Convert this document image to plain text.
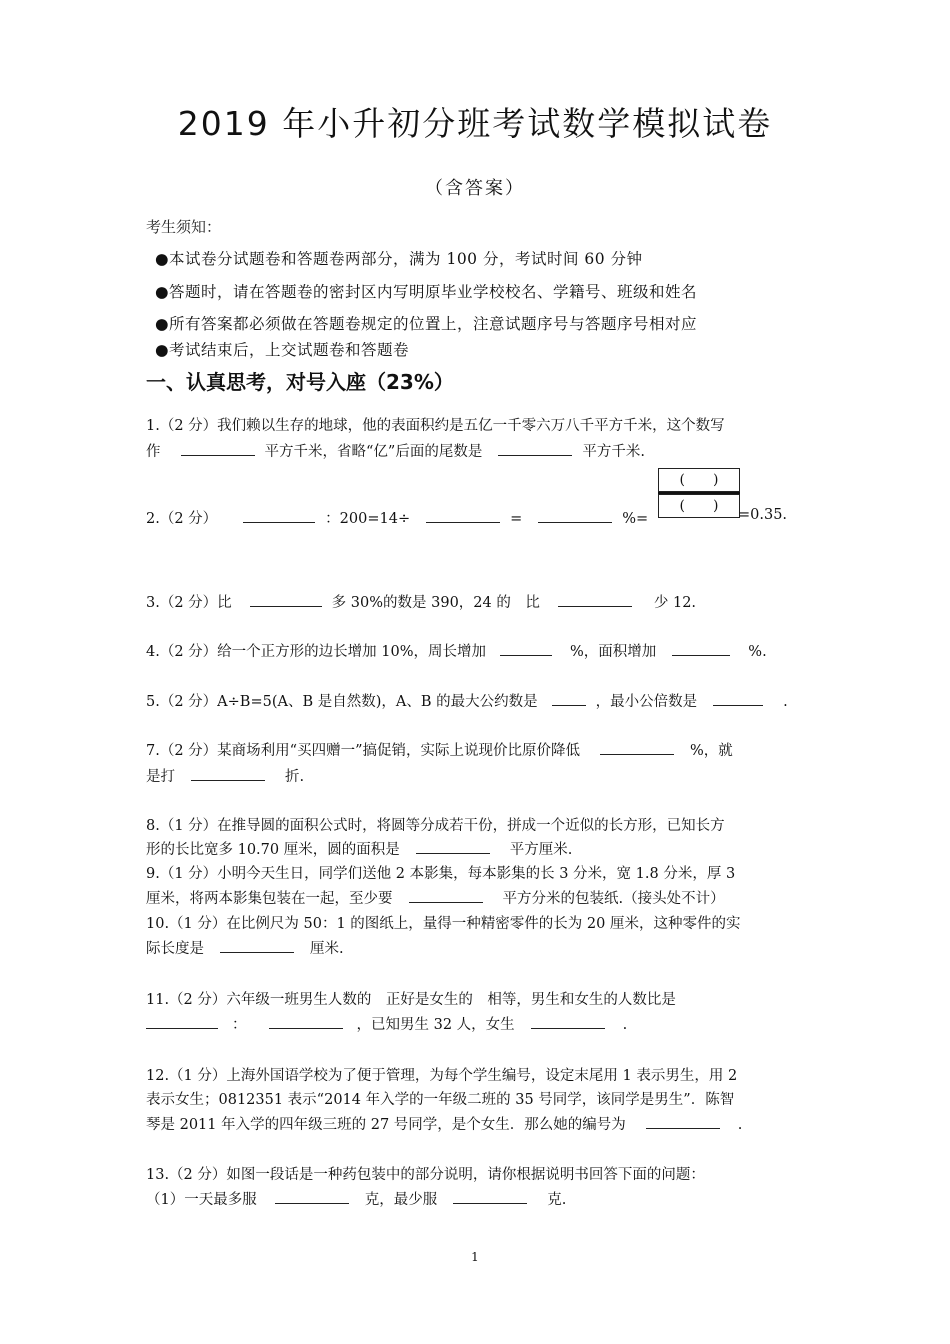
2019 年小升初分班考试数学模拟试卷
（含答案）
考生须知：
●本试卷分试题卷和答题卷两部分，满为 100 分，考试时间 60 分钟
●答题时，请在答题卷的密封区内写明原毕业学校校名、学籍号、班级和姓名
●所有答案都必须做在答题卷规定的位置上，注意试题序号与答题序号相对应
●考试结束后，上交试题卷和答题卷
一、认真思考，对号入座（23%）
1.（2 分）我们赖以生存的地球，他的表面积约是五亿一千零六万八千平方千米，这个数写
作	平方千米，省略“亿”后面的尾数是	平方千米.
2.（2 分）	：200=14÷	=	%=
(　　)
(　　)
=0.35.
3.（2 分）比	多 30%的数是 390，24 的　比	少 12.
4.（2 分）给一个正方形的边长增加 10%，周长增加	%，面积增加	%.
5.（2 分）A÷B=5(A、B 是自然数)，A、B 的最大公约数是	，最小公倍数是	.
7.（2 分）某商场利用“买四赠一”搞促销，实际上说现价比原价降低	%，就
是打	折.
8.（1 分）在推导圆的面积公式时，将圆等分成若干份，拼成一个近似的长方形，已知长方
形的长比宽多 10.70 厘米，圆的面积是	平方厘米.
9.（1 分）小明今天生日，同学们送他 2 本影集，每本影集的长 3 分米，宽 1.8 分米，厚 3
厘米，将两本影集包装在一起，至少要	平方分米的包装纸.（接头处不计）
10.（1 分）在比例尺为 50：1 的图纸上，量得一种精密零件的长为 20 厘米，这种零件的实
际长度是	厘米.
11.（2 分）六年级一班男生人数的　正好是女生的　相等，男生和女生的人数比是
：	，已知男生 32 人，女生	.
12.（1 分）上海外国语学校为了便于管理，为每个学生编号，设定末尾用 1 表示男生，用 2
表示女生；0812351 表示“2014 年入学的一年级二班的 35 号同学，该同学是男生”．陈智
琴是 2011 年入学的四年级三班的 27 号同学，是个女生．那么她的编号为	.
13.（2 分）如图一段话是一种药包装中的部分说明，请你根据说明书回答下面的问题：
（1）一天最多服	克，最少服	克.
1
